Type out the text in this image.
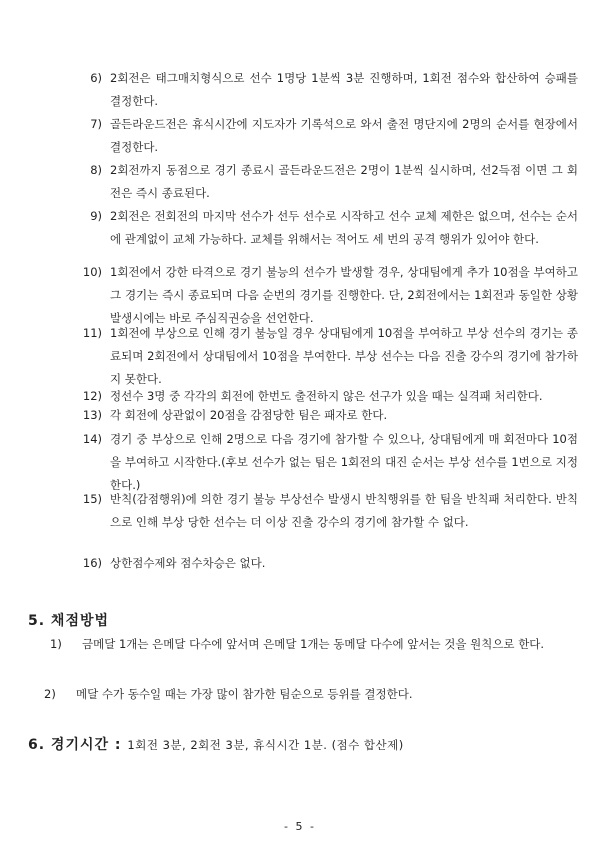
6) 2회전은 태그매치형식으로 선수 1명당 1분씩 3분 진행하며, 1회전 점수와 합산하여 승패를 결정한다.
7) 골든라운드전은 휴식시간에 지도자가 기록석으로 와서 출전 명단지에 2명의 순서를 현장에서 결정한다.
8) 2회전까지 동점으로 경기 종료시 골든라운드전은 2명이 1분씩 실시하며, 선2득점 이면 그 회전은 즉시 종료된다.
9) 2회전은 전회전의 마지막 선수가 선두 선수로 시작하고 선수 교체 제한은 없으며, 선수는 순서에 관계없이 교체 가능하다. 교체를 위해서는 적어도 세 번의 공격 행위가 있어야 한다.
10) 1회전에서 강한 타격으로 경기 불능의 선수가 발생할 경우, 상대팀에게 추가 10점을 부여하고 그 경기는 즉시 종료되며 다음 순번의 경기를 진행한다. 단, 2회전에서는 1회전과 동일한 상황 발생시에는 바로 주심직권승을 선언한다.
11) 1회전에 부상으로 인해 경기 불능일 경우 상대팀에게 10점을 부여하고 부상 선수의 경기는 종료되며 2회전에서 상대팀에서 10점을 부여한다. 부상 선수는 다음 진출 강수의 경기에 참가하지 못한다.
12) 정선수 3명 중 각각의 회전에 한번도 출전하지 않은 선구가 있을 때는 실격패 처리한다.
13) 각 회전에 상관없이 20점을 감점당한 팀은 패자로 한다.
14) 경기 중 부상으로 인해 2명으로 다음 경기에 참가할 수 있으나, 상대팀에게 매 회전마다 10점을 부여하고 시작한다.(후보 선수가 없는 팀은 1회전의 대진 순서는 부상 선수를 1번으로 지정한다.)
15) 반칙(감점행위)에 의한 경기 불능 부상선수 발생시 반칙행위를 한 팀을 반칙패 처리한다. 반칙으로 인해 부상 당한 선수는 더 이상 진출 강수의 경기에 참가할 수 없다.
16) 상한점수제와 점수차승은 없다.
5. 채점방법
1) 금메달 1개는 은메달 다수에 앞서며 은메달 1개는 동메달 다수에 앞서는 것을 원칙으로 한다.
2) 메달 수가 동수일 때는 가장 많이 참가한 팀순으로 등위를 결정한다.
6. 경기시간 : 1회전 3분, 2회전 3분, 휴식시간 1분. (점수 합산제)
- 5 -
